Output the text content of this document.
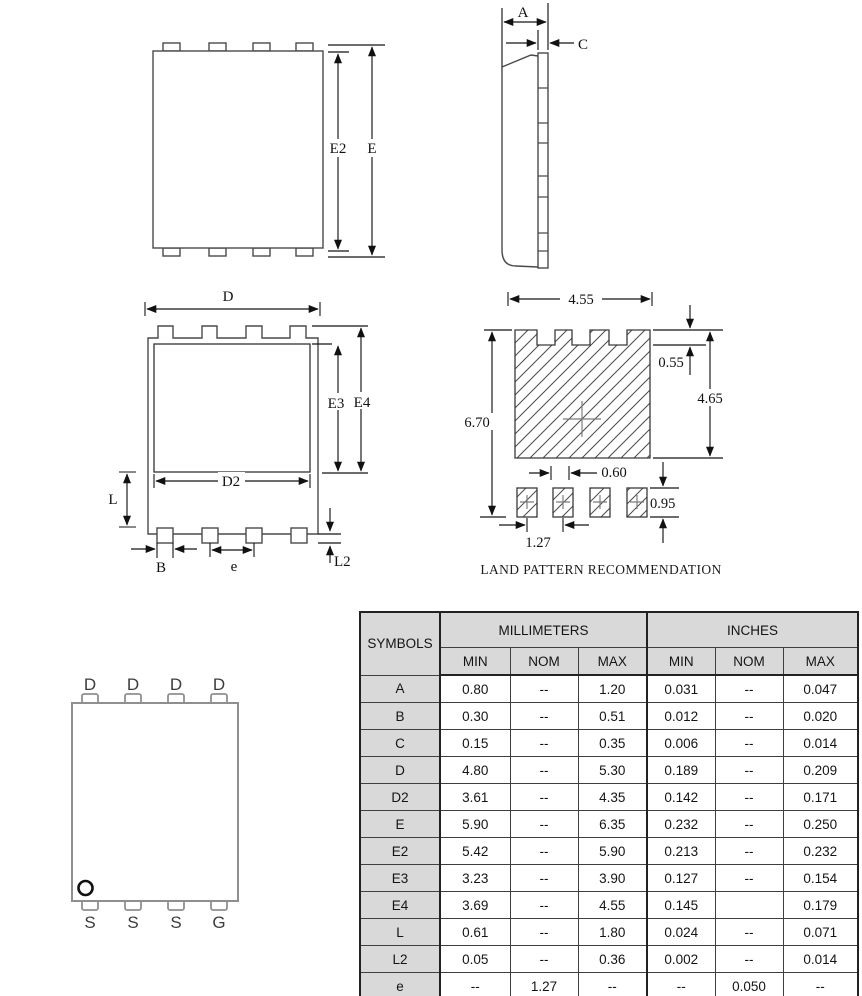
E2 E
A
C
D
D2
E3 E4
L
B	e	L2
4.55
6.70
0.55
4.65
0.60
0.95
1.27
LAND PATTERN RECOMMENDATION
D D D D
S S S G
SYMBOLS	MILLIMETERS			INCHES		
	MIN	NOM	MAX	MIN	NOM	MAX
A	0.80	--	1.20	0.031	--	0.047
B	0.30	--	0.51	0.012	--	0.020
C	0.15	--	0.35	0.006	--	0.014
D	4.80	--	5.30	0.189	--	0.209
D2	3.61	--	4.35	0.142	--	0.171
E	5.90	--	6.35	0.232	--	0.250
E2	5.42	--	5.90	0.213	--	0.232
E3	3.23	--	3.90	0.127	--	0.154
E4	3.69	--	4.55	0.145		0.179
L	0.61	--	1.80	0.024	--	0.071
L2	0.05	--	0.36	0.002	--	0.014
e	--	1.27	--	--	0.050	--
